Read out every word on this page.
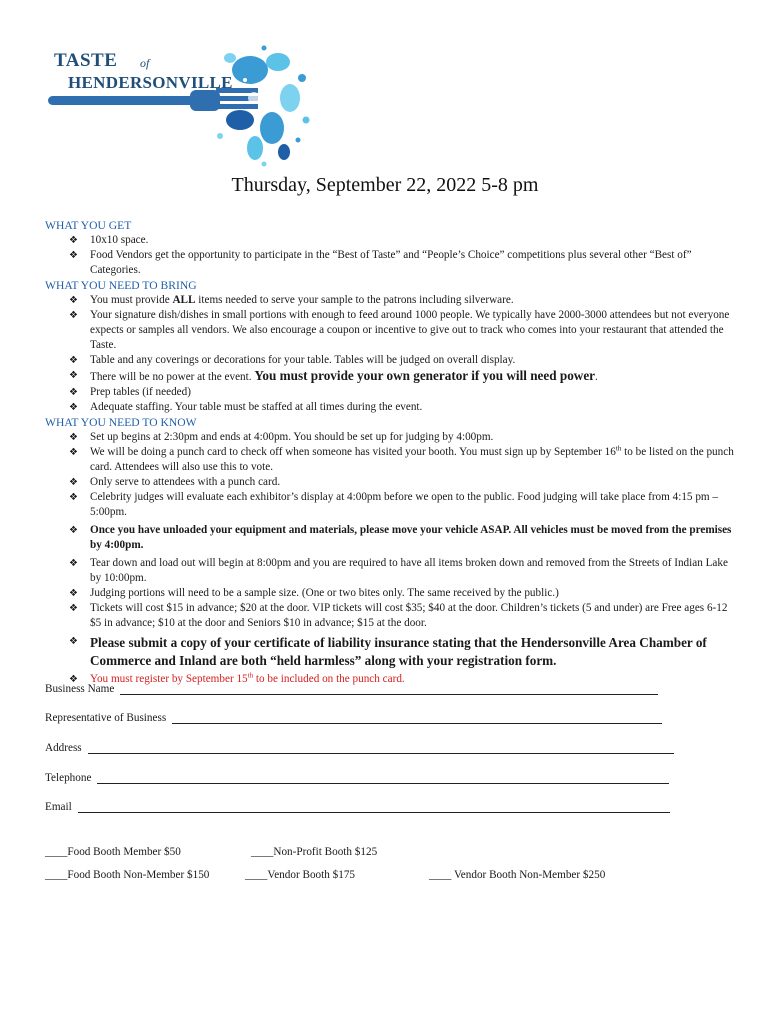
TASTE of
HENDERSONVILLE
Thursday, September 22, 2022 5-8 pm

WHAT YOU GET

❖ 10x10 space.
❖ Food Vendors get the opportunity to participate in the “Best of Taste” and “People’s Choice” competitions plus several other “Best of” Categories.

WHAT YOU NEED TO BRING

❖ You must provide ALL items needed to serve your sample to the patrons including silverware.
❖ Your signature dish/dishes in small portions with enough to feed around 1000 people. We typically have 2000-3000 attendees but not everyone expects or samples all vendors. We also encourage a coupon or incentive to give out to track who comes into your restaurant that attended the Taste.
❖ Table and any coverings or decorations for your table. Tables will be judged on overall display.
❖ There will be no power at the event. You must provide your own generator if you will need power.
❖ Prep tables (if needed)
❖ Adequate staffing. Your table must be staffed at all times during the event.

WHAT YOU NEED TO KNOW

❖ Set up begins at 2:30pm and ends at 4:00pm. You should be set up for judging by 4:00pm.
❖ We will be doing a punch card to check off when someone has visited your booth. You must sign up by September 16th to be listed on the punch card. Attendees will also use this to vote.
❖ Only serve to attendees with a punch card.
❖ Celebrity judges will evaluate each exhibitor’s display at 4:00pm before we open to the public. Food judging will take place from 4:15 pm – 5:00pm.
❖ Once you have unloaded your equipment and materials, please move your vehicle ASAP. All vehicles must be moved from the premises by 4:00pm.
❖ Tear down and load out will begin at 8:00pm and you are required to have all items broken down and removed from the Streets of Indian Lake by 10:00pm.
❖ Judging portions will need to be a sample size. (One or two bites only. The same received by the public.)
❖ Tickets will cost $15 in advance; $20 at the door. VIP tickets will cost $35; $40 at the door. Children’s tickets (5 and under) are Free ages 6-12 $5 in advance; $10 at the door and Seniors $10 in advance; $15 at the door.
❖ Please submit a copy of your certificate of liability insurance stating that the Hendersonville Area Chamber of Commerce and Inland are both “held harmless” along with your registration form.
❖ You must register by September 15th to be included on the punch card.
Business Name
Representative of Business
Address
Telephone
Email
____Food Booth Member $50	____Non-Profit Booth $125
____Food Booth Non-Member $150	____Vendor Booth $175	____ Vendor Booth Non-Member $250
